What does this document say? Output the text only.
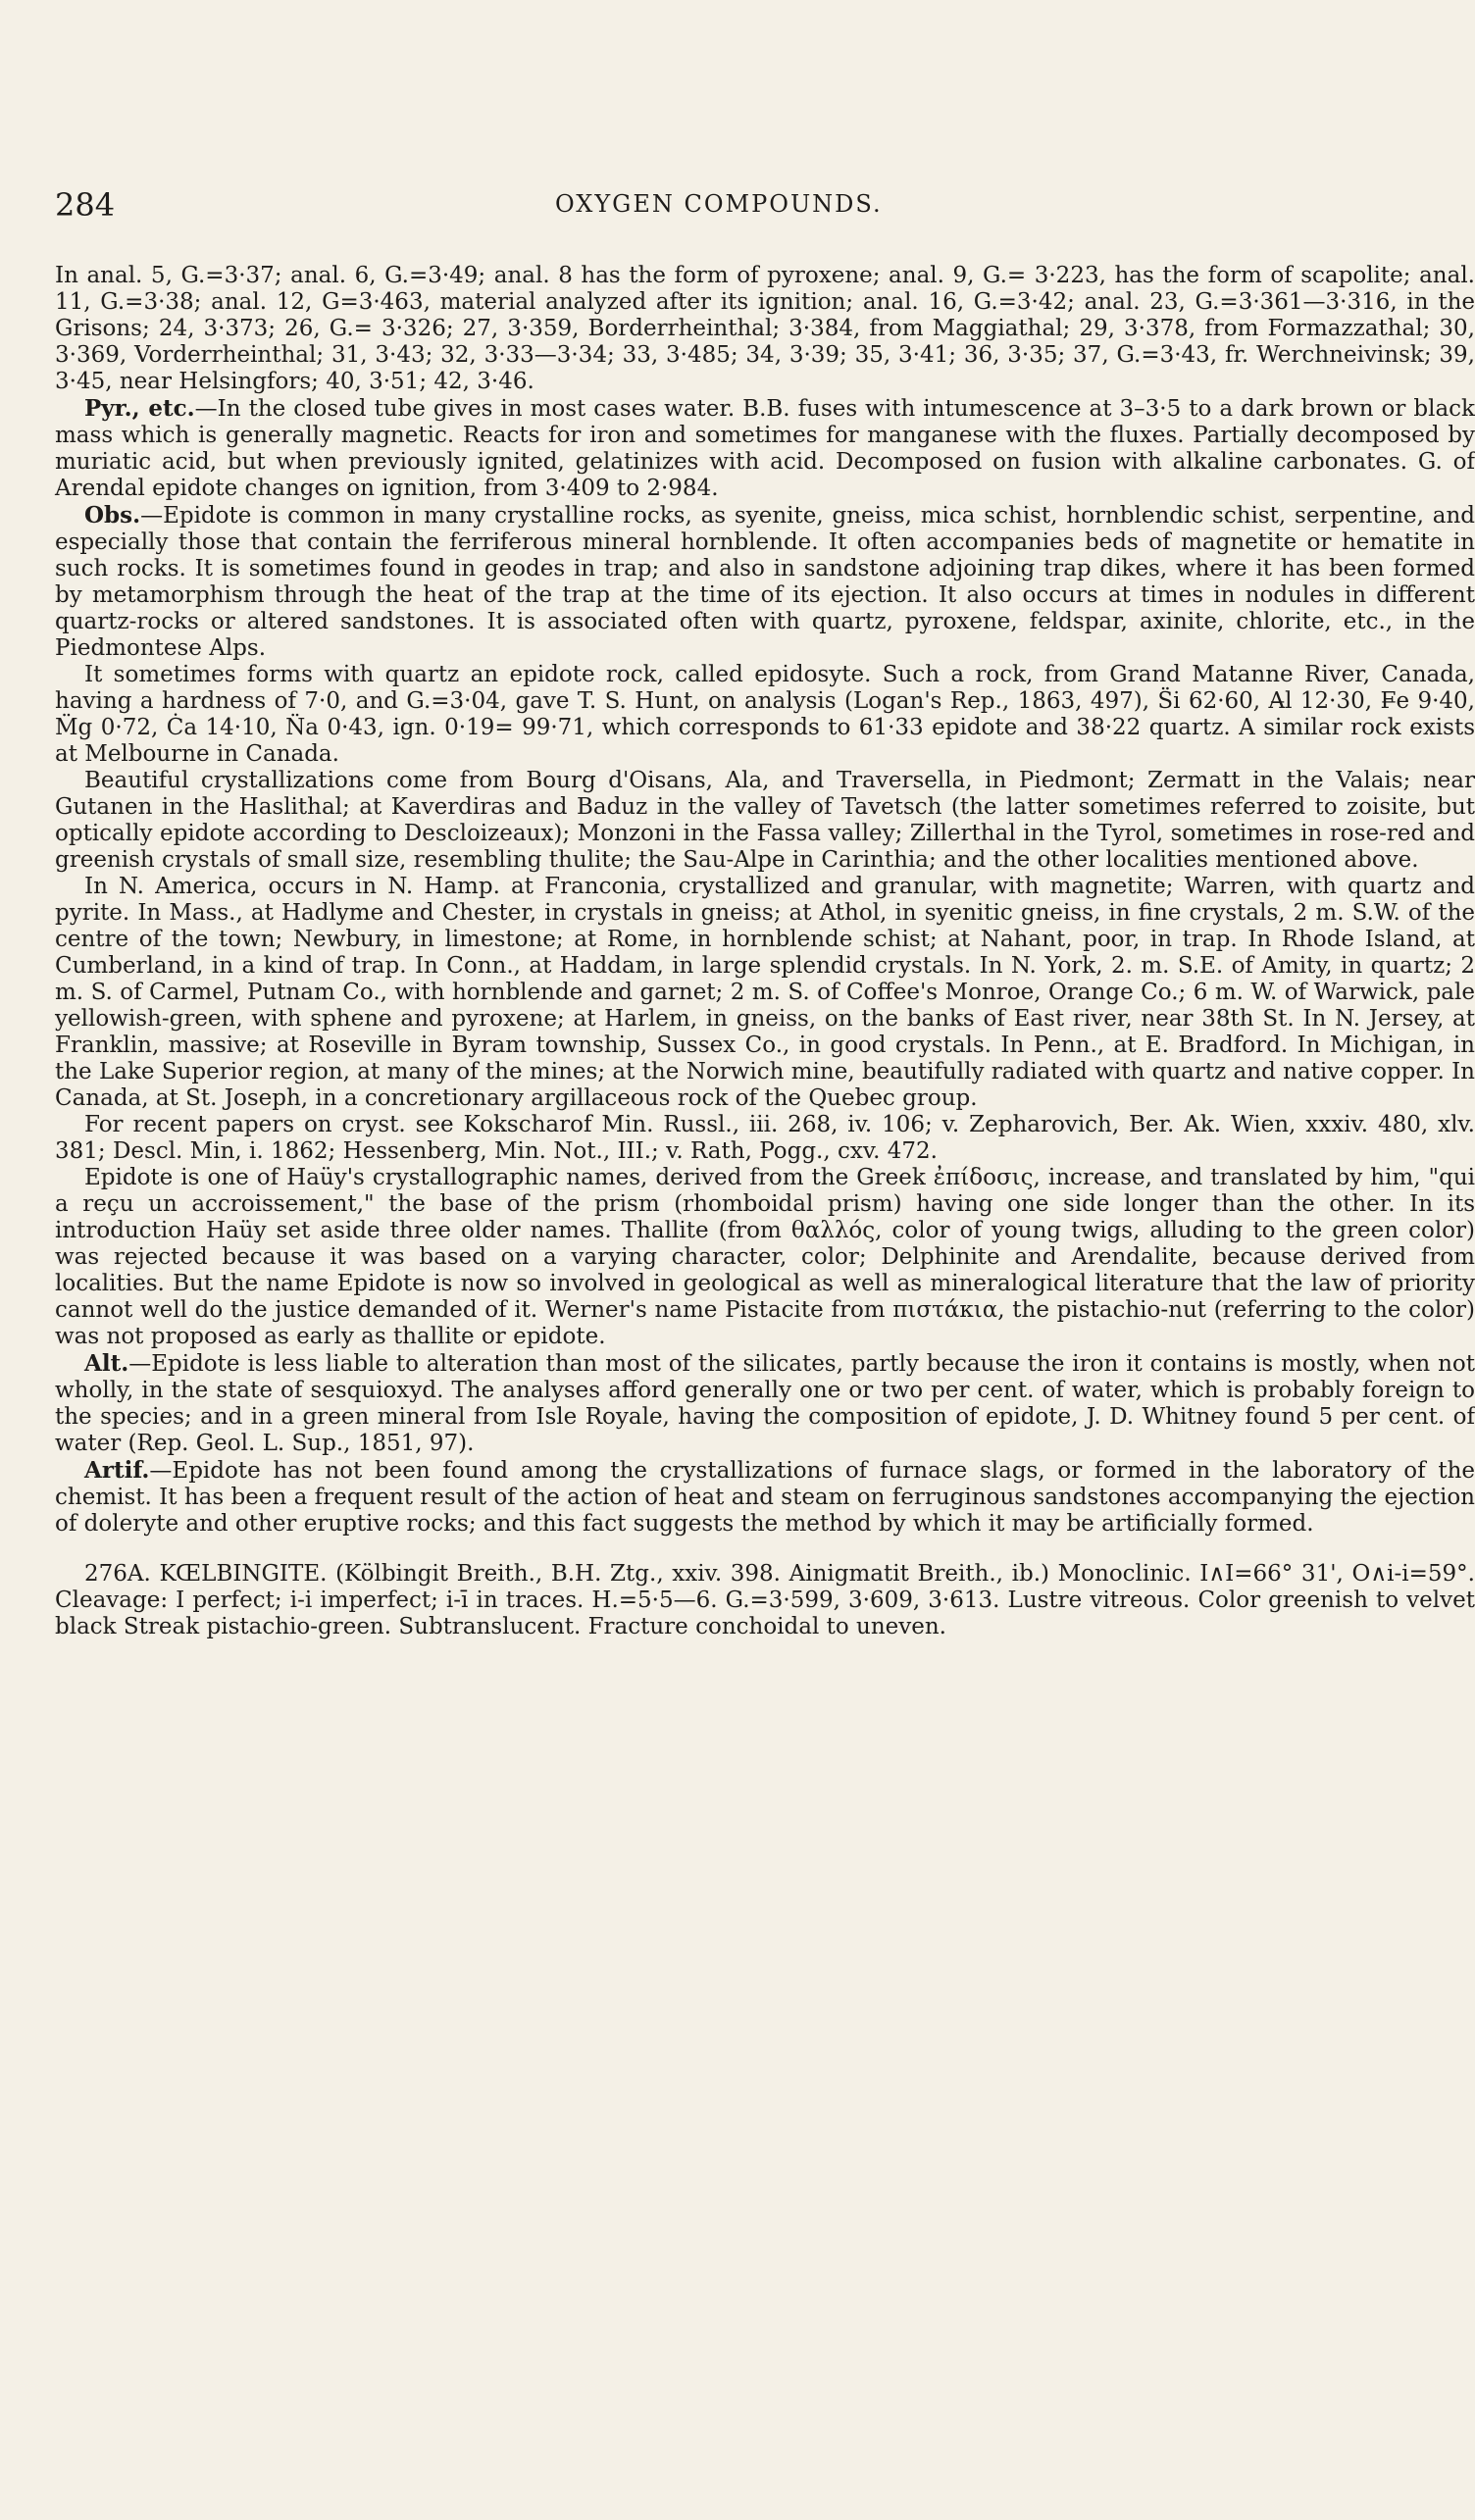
284	OXYGEN COMPOUNDS.

In anal. 5, G.=3·37; anal. 6, G.=3·49; anal. 8 has the form of pyroxene; anal. 9, G.= 3·223, has the form of scapolite; anal. 11, G.=3·38; anal. 12, G=3·463, material analyzed after its ignition; anal. 16, G.=3·42; anal. 23, G.=3·361—3·316, in the Grisons; 24, 3·373; 26, G.= 3·326; 27, 3·359, Borderrheinthal; 3·384, from Maggiathal; 29, 3·378, from Formazzathal; 30, 3·369, Vorderrheinthal; 31, 3·43; 32, 3·33—3·34; 33, 3·485; 34, 3·39; 35, 3·41; 36, 3·35; 37, G.=3·43, fr. Werchneivinsk; 39, 3·45, near Helsingfors; 40, 3·51; 42, 3·46.

Pyr., etc.—In the closed tube gives in most cases water. B.B. fuses with intumescence at 3–3·5 to a dark brown or black mass which is generally magnetic. Reacts for iron and sometimes for manganese with the fluxes. Partially decomposed by muriatic acid, but when previously ignited, gelatinizes with acid. Decomposed on fusion with alkaline carbonates. G. of Arendal epidote changes on ignition, from 3·409 to 2·984.

Obs.—Epidote is common in many crystalline rocks, as syenite, gneiss, mica schist, hornblendic schist, serpentine, and especially those that contain the ferriferous mineral hornblende. It often accompanies beds of magnetite or hematite in such rocks. It is sometimes found in geodes in trap; and also in sandstone adjoining trap dikes, where it has been formed by metamorphism through the heat of the trap at the time of its ejection. It also occurs at times in nodules in different quartz-rocks or altered sandstones. It is associated often with quartz, pyroxene, feldspar, axinite, chlorite, etc., in the Piedmontese Alps.

It sometimes forms with quartz an epidote rock, called epidosyte. Such a rock, from Grand Matanne River, Canada, having a hardness of 7·0, and G.=3·04, gave T. S. Hunt, on analysis (Logan's Rep., 1863, 497), S̈i 62·60, A̶l 12·30, F̶e 9·40, M̈g 0·72, Ċa 14·10, N̈a 0·43, ign. 0·19= 99·71, which corresponds to 61·33 epidote and 38·22 quartz. A similar rock exists at Melbourne in Canada.

Beautiful crystallizations come from Bourg d'Oisans, Ala, and Traversella, in Piedmont; Zermatt in the Valais; near Gutanen in the Haslithal; at Kaverdiras and Baduz in the valley of Tavetsch (the latter sometimes referred to zoisite, but optically epidote according to Descloizeaux); Monzoni in the Fassa valley; Zillerthal in the Tyrol, sometimes in rose-red and greenish crystals of small size, resembling thulite; the Sau-Alpe in Carinthia; and the other localities mentioned above.

In N. America, occurs in N. Hamp. at Franconia, crystallized and granular, with magnetite; Warren, with quartz and pyrite. In Mass., at Hadlyme and Chester, in crystals in gneiss; at Athol, in syenitic gneiss, in fine crystals, 2 m. S.W. of the centre of the town; Newbury, in limestone; at Rome, in hornblende schist; at Nahant, poor, in trap. In Rhode Island, at Cumberland, in a kind of trap. In Conn., at Haddam, in large splendid crystals. In N. York, 2. m. S.E. of Amity, in quartz; 2 m. S. of Carmel, Putnam Co., with hornblende and garnet; 2 m. S. of Coffee's Monroe, Orange Co.; 6 m. W. of Warwick, pale yellowish-green, with sphene and pyroxene; at Harlem, in gneiss, on the banks of East river, near 38th St. In N. Jersey, at Franklin, massive; at Roseville in Byram township, Sussex Co., in good crystals. In Penn., at E. Bradford. In Michigan, in the Lake Superior region, at many of the mines; at the Norwich mine, beautifully radiated with quartz and native copper. In Canada, at St. Joseph, in a concretionary argillaceous rock of the Quebec group.

For recent papers on cryst. see Kokscharof Min. Russl., iii. 268, iv. 106; v. Zepharovich, Ber. Ak. Wien, xxxiv. 480, xlv. 381; Descl. Min, i. 1862; Hessenberg, Min. Not., III.; v. Rath, Pogg., cxv. 472.

Epidote is one of Haüy's crystallographic names, derived from the Greek ἐπίδοσις, increase, and translated by him, "qui a reçu un accroissement," the base of the prism (rhomboidal prism) having one side longer than the other. In its introduction Haüy set aside three older names. Thallite (from θαλλός, color of young twigs, alluding to the green color) was rejected because it was based on a varying character, color; Delphinite and Arendalite, because derived from localities. But the name Epidote is now so involved in geological as well as mineralogical literature that the law of priority cannot well do the justice demanded of it. Werner's name Pistacite from πιστάκια, the pistachio-nut (referring to the color) was not proposed as early as thallite or epidote.

Alt.—Epidote is less liable to alteration than most of the silicates, partly because the iron it contains is mostly, when not wholly, in the state of sesquioxyd. The analyses afford generally one or two per cent. of water, which is probably foreign to the species; and in a green mineral from Isle Royale, having the composition of epidote, J. D. Whitney found 5 per cent. of water (Rep. Geol. L. Sup., 1851, 97).

Artif.—Epidote has not been found among the crystallizations of furnace slags, or formed in the laboratory of the chemist. It has been a frequent result of the action of heat and steam on ferruginous sandstones accompanying the ejection of doleryte and other eruptive rocks; and this fact suggests the method by which it may be artificially formed.

276A. KŒLBINGITE. (Kölbingit Breith., B.H. Ztg., xxiv. 398. Ainigmatit Breith., ib.) Monoclinic. I∧I=66° 31', O∧i-i=59°. Cleavage: I perfect; i-i imperfect; i-ī in traces. H.=5·5—6. G.=3·599, 3·609, 3·613. Lustre vitreous. Color greenish to velvet black Streak pistachio-green. Subtranslucent. Fracture conchoidal to uneven.
